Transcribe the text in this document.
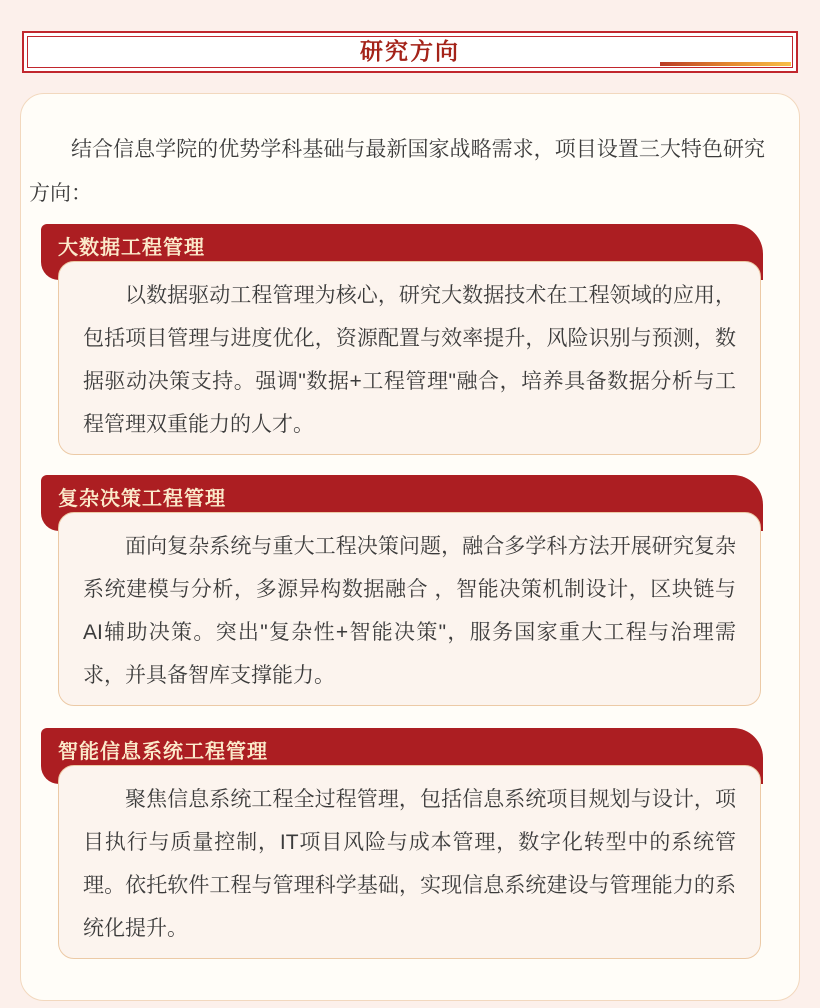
研究方向

结合信息学院的优势学科基础与最新国家战略需求，项目设置三大特色研究方向：

大数据工程管理

以数据驱动工程管理为核心，研究大数据技术在工程领域的应用，包括项目管理与进度优化，资源配置与效率提升，风险识别与预测，数据驱动决策支持。强调"数据+工程管理"融合，培养具备数据分析与工程管理双重能力的人才。

复杂决策工程管理

面向复杂系统与重大工程决策问题，融合多学科方法开展研究复杂系统建模与分析，多源异构数据融合 ，智能决策机制设计，区块链与AI辅助决策。突出"复杂性+智能决策"，服务国家重大工程与治理需求，并具备智库支撑能力。

智能信息系统工程管理

聚焦信息系统工程全过程管理，包括信息系统项目规划与设计，项目执行与质量控制，IT项目风险与成本管理，数字化转型中的系统管理。依托软件工程与管理科学基础，实现信息系统建设与管理能力的系统化提升。
